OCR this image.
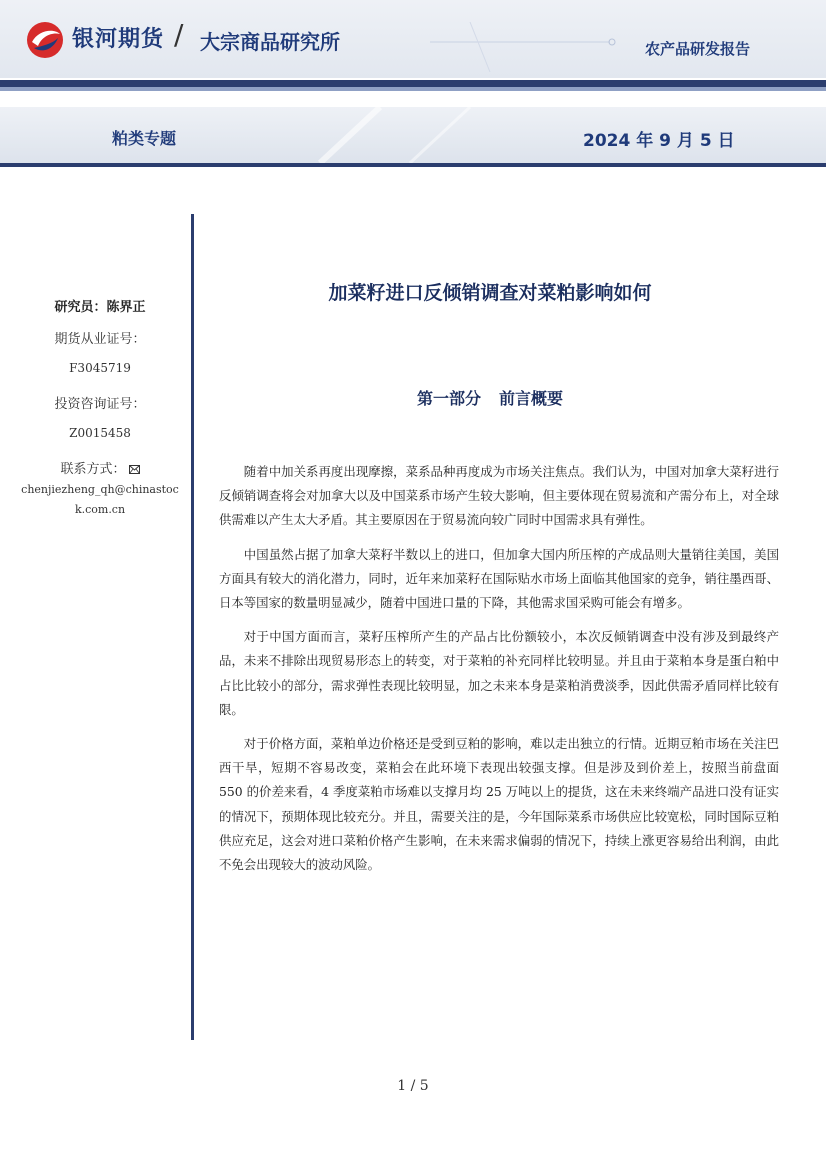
银河期货 / 大宗商品研究所	农产品研发报告
粕类专题	2024 年 9 月 5 日
研究员：陈界正
期货从业证号：
F3045719
投资咨询证号：
Z0015458
联系方式：
chenjiezheng_qh@chinastock.com.cn
加菜籽进口反倾销调查对菜粕影响如何
第一部分 前言概要

随着中加关系再度出现摩擦，菜系品种再度成为市场关注焦点。我们认为，中国对加拿大菜籽进行反倾销调查将会对加拿大以及中国菜系市场产生较大影响，但主要体现在贸易流和产需分布上，对全球供需难以产生太大矛盾。其主要原因在于贸易流向较广同时中国需求具有弹性。

中国虽然占据了加拿大菜籽半数以上的进口，但加拿大国内所压榨的产成品则大量销往美国，美国方面具有较大的消化潜力，同时，近年来加菜籽在国际贴水市场上面临其他国家的竞争，销往墨西哥、日本等国家的数量明显减少，随着中国进口量的下降，其他需求国采购可能会有增多。

对于中国方面而言，菜籽压榨所产生的产品占比份额较小，本次反倾销调查中没有涉及到最终产品，未来不排除出现贸易形态上的转变，对于菜粕的补充同样比较明显。并且由于菜粕本身是蛋白粕中占比比较小的部分，需求弹性表现比较明显，加之未来本身是菜粕消费淡季，因此供需矛盾同样比较有限。

对于价格方面，菜粕单边价格还是受到豆粕的影响，难以走出独立的行情。近期豆粕市场在关注巴西干旱，短期不容易改变，菜粕会在此环境下表现出较强支撑。但是涉及到价差上，按照当前盘面 550 的价差来看，4 季度菜粕市场难以支撑月均 25 万吨以上的提货，这在未来终端产品进口没有证实的情况下，预期体现比较充分。并且，需要关注的是，今年国际菜系市场供应比较宽松，同时国际豆粕供应充足，这会对进口菜粕价格产生影响，在未来需求偏弱的情况下，持续上涨更容易给出利润，由此不免会出现较大的波动风险。

1 / 5
